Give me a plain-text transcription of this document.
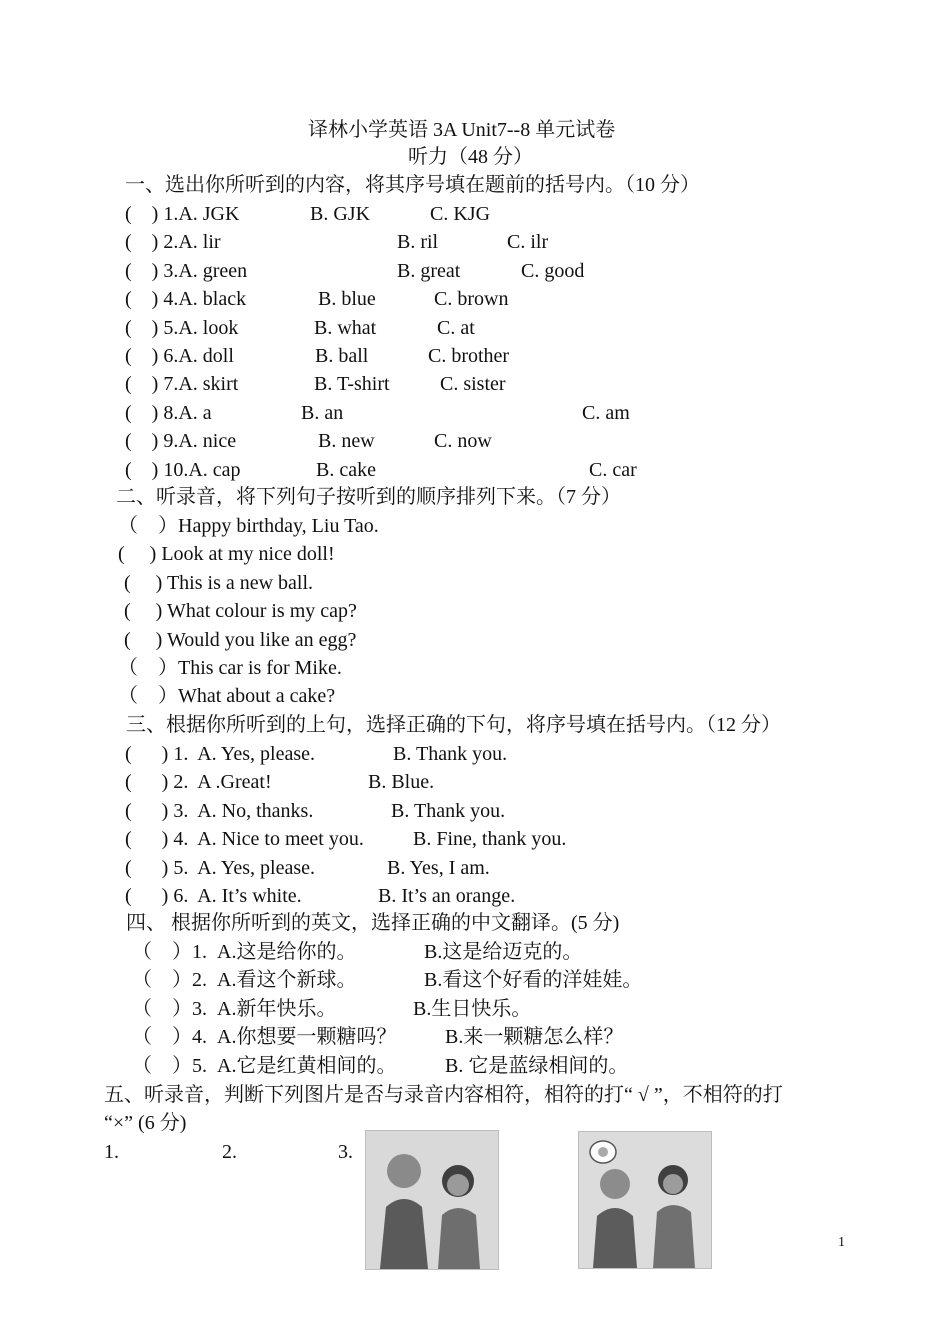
译林小学英语 3A Unit7--8 单元试卷
听力（48 分）
一、选出你所听到的内容，将其序号填在题前的括号内。（10 分）
(    ) 1.A. JGK	B. GJK	C. KJG
(    ) 2.A. lir	B. ril	C. ilr
(    ) 3.A. green	B. great	C. good
(    ) 4.A. black	B. blue	C. brown
(    ) 5.A. look	B. what	C. at
(    ) 6.A. doll	B. ball	C. brother
(    ) 7.A. skirt	B. T-shirt	C. sister
(    ) 8.A. a	B. an	C. am
(    ) 9.A. nice	B. new	C. now
(    ) 10.A. cap	B. cake	C. car
二、听录音，将下列句子按听到的顺序排列下来。（7 分）
（    ）Happy birthday, Liu Tao.
(     ) Look at my nice doll!
(     ) This is a new ball.
(     ) What colour is my cap?
(     ) Would you like an egg?
（    ）This car is for Mike.
（    ）What about a cake?
三、根据你所听到的上句，选择正确的下句，将序号填在括号内。（12 分）
(      ) 1.  A. Yes, please.	B. Thank you.
(      ) 2.  A .Great!	B. Blue.
(      ) 3.  A. No, thanks.	B. Thank you.
(      ) 4.  A. Nice to meet you. B. Fine, thank you.
(      ) 5.  A. Yes, please.	B. Yes, I am.
(      ) 6.  A. It’s white.	B. It’s an orange.
四、 根据你所听到的英文，选择正确的中文翻译。(5 分)
（    ）1.  A.这是给你的。	B.这是给迈克的。
（    ）2.  A.看这个新球。	B.看这个好看的洋娃娃。
（    ）3.  A.新年快乐。	B.生日快乐。
（    ）4.  A.你想要一颗糖吗？ B.来一颗糖怎么样？
（    ）5.  A.它是红黄相间的。 B. 它是蓝绿相间的。
五、听录音，判断下列图片是否与录音内容相符，相符的打“ √ ”，不相符的打
“×” (6 分)
1.	2.	3.
1
